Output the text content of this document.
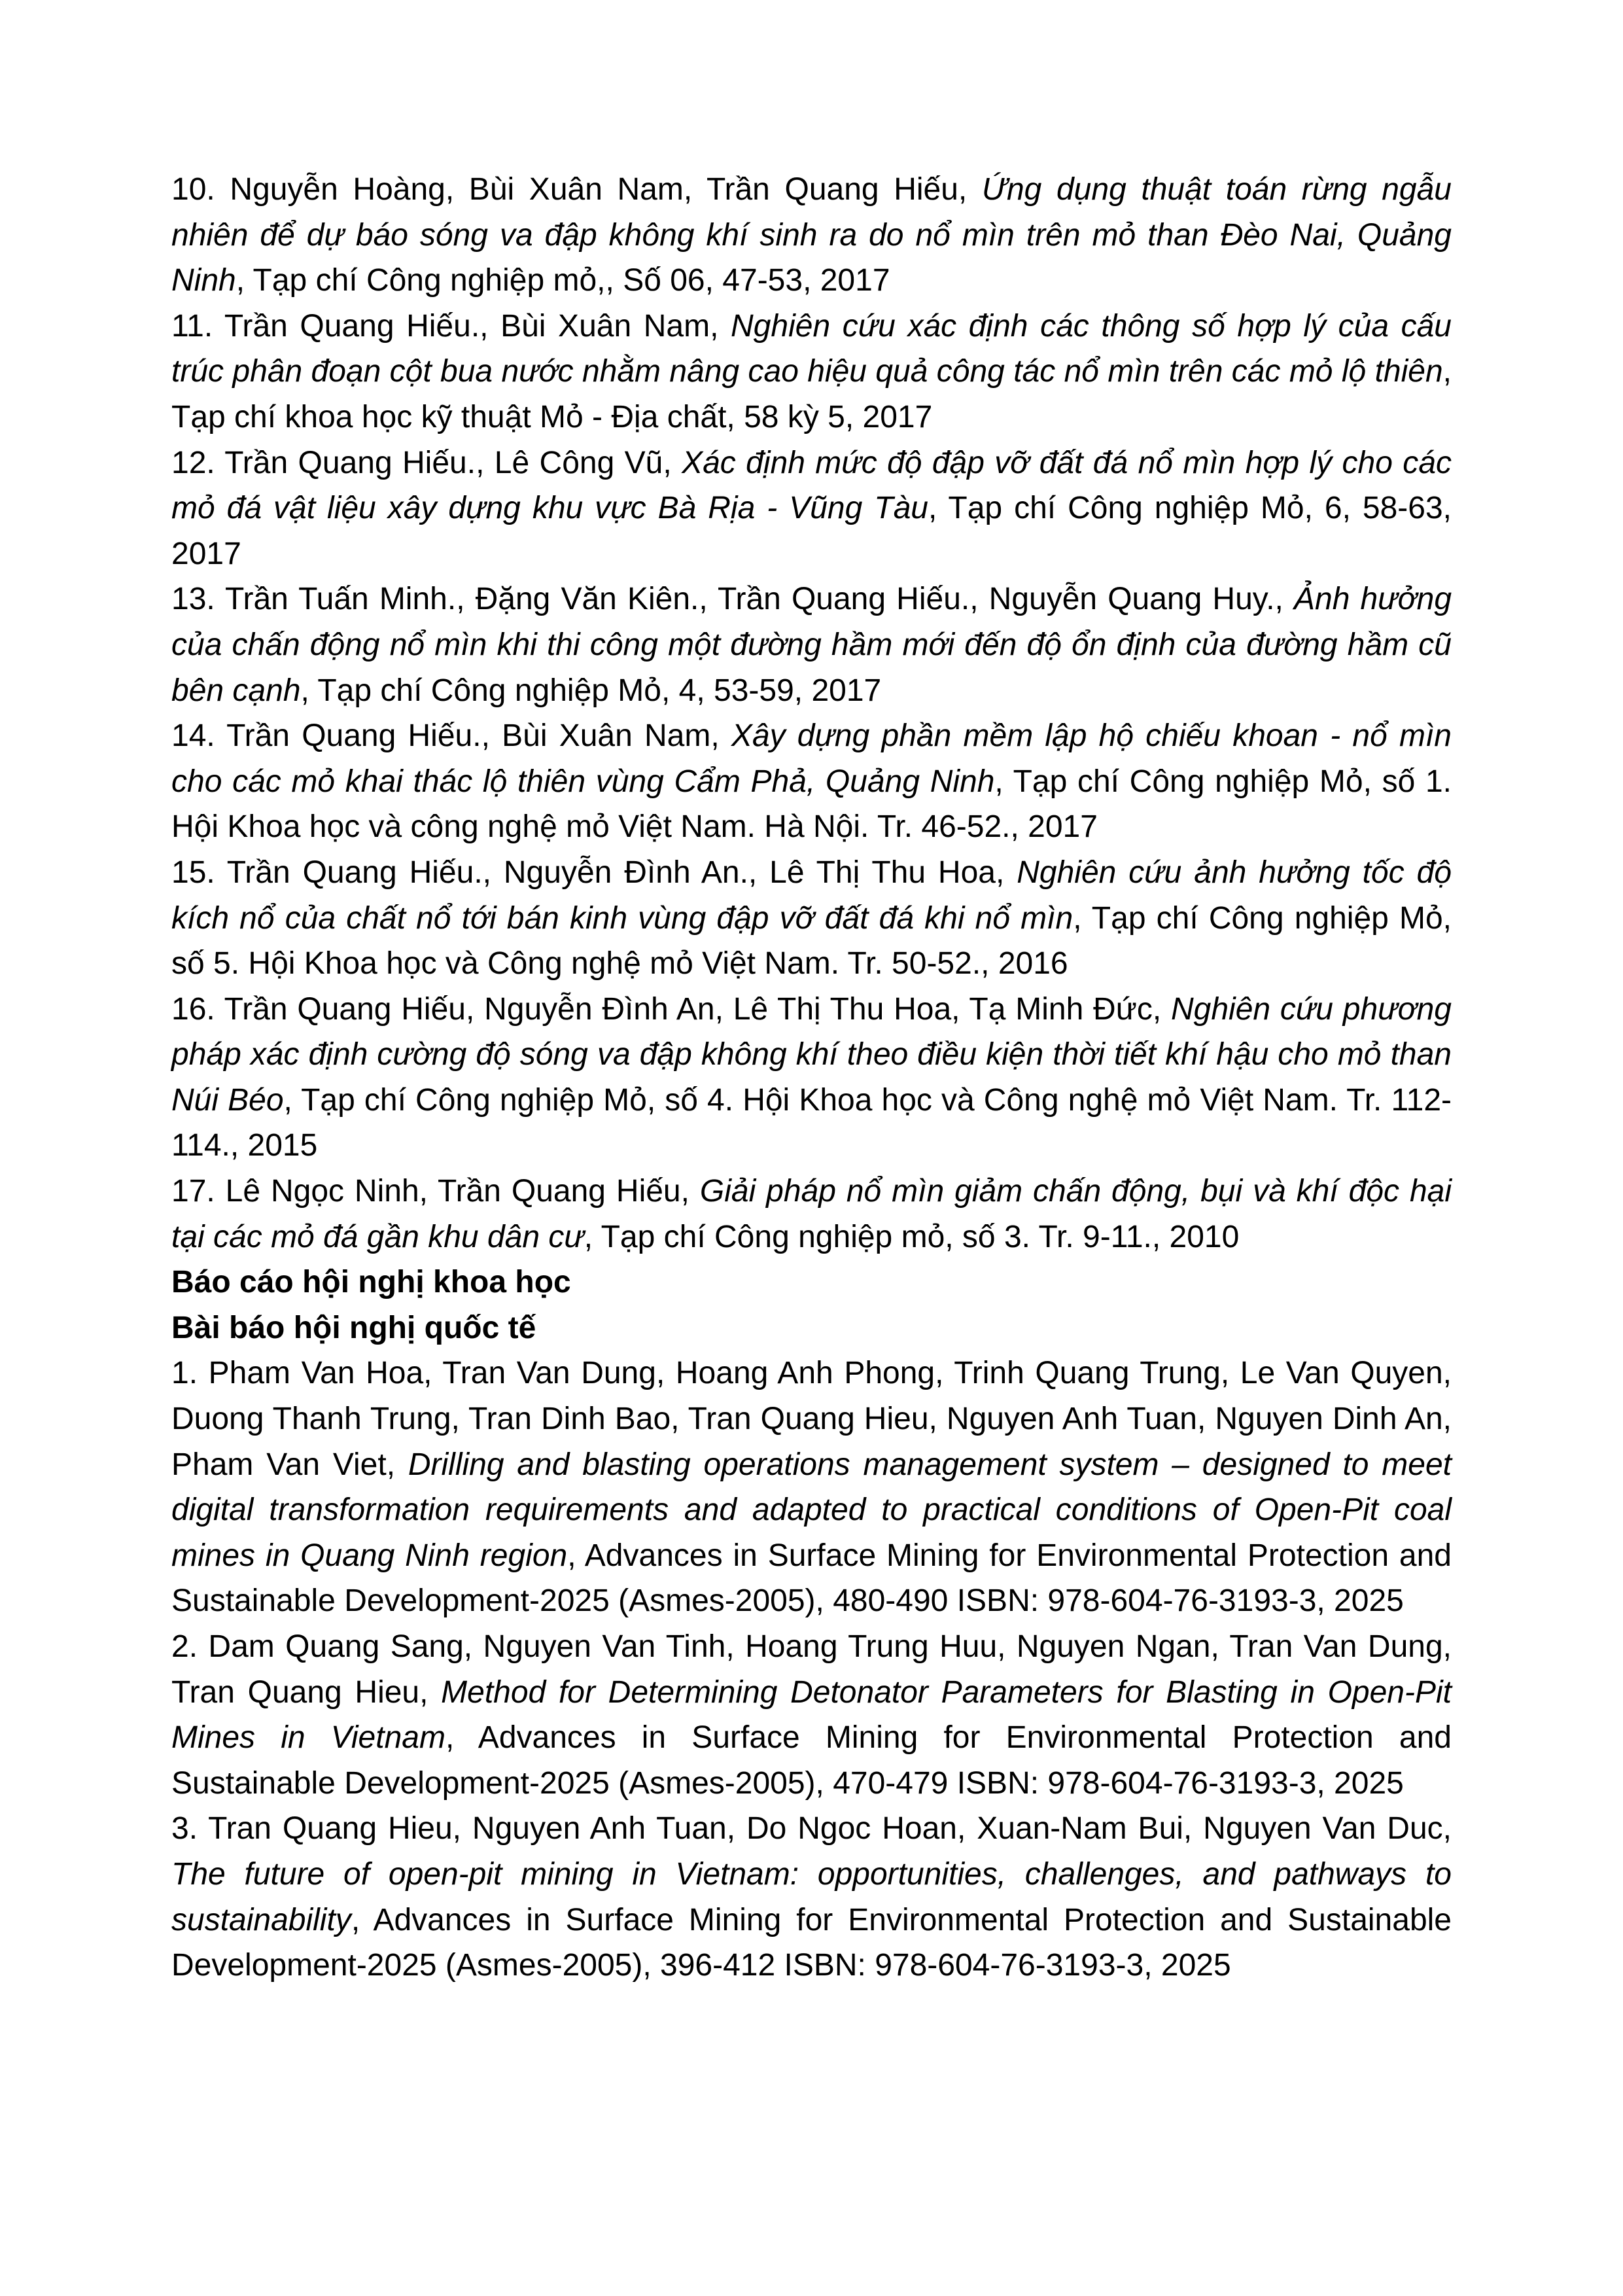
10. Nguyễn Hoàng, Bùi Xuân Nam, Trần Quang Hiếu, Ứng dụng thuật toán rừng ngẫu nhiên để dự báo sóng va đập không khí sinh ra do nổ mìn trên mỏ than Đèo Nai, Quảng Ninh, Tạp chí Công nghiệp mỏ,, Số 06, 47-53, 2017

11. Trần Quang Hiếu., Bùi Xuân Nam, Nghiên cứu xác định các thông số hợp lý của cấu trúc phân đoạn cột bua nước nhằm nâng cao hiệu quả công tác nổ mìn trên các mỏ lộ thiên, Tạp chí khoa học kỹ thuật Mỏ - Địa chất, 58 kỳ 5, 2017

12. Trần Quang Hiếu., Lê Công Vũ, Xác định mức độ đập vỡ đất đá nổ mìn hợp lý cho các mỏ đá vật liệu xây dựng khu vực Bà Rịa - Vũng Tàu, Tạp chí Công nghiệp Mỏ, 6, 58-63, 2017

13. Trần Tuấn Minh., Đặng Văn Kiên., Trần Quang Hiếu., Nguyễn Quang Huy., Ảnh hưởng của chấn động nổ mìn khi thi công một đường hầm mới đến độ ổn định của đường hầm cũ bên cạnh, Tạp chí Công nghiệp Mỏ, 4, 53-59, 2017

14. Trần Quang Hiếu., Bùi Xuân Nam, Xây dựng phần mềm lập hộ chiếu khoan - nổ mìn cho các mỏ khai thác lộ thiên vùng Cẩm Phả, Quảng Ninh, Tạp chí Công nghiệp Mỏ, số 1. Hội Khoa học và công nghệ mỏ Việt Nam. Hà Nội. Tr. 46-52., 2017

15. Trần Quang Hiếu., Nguyễn Đình An., Lê Thị Thu Hoa, Nghiên cứu ảnh hưởng tốc độ kích nổ của chất nổ tới bán kinh vùng đập vỡ đất đá khi nổ mìn, Tạp chí Công nghiệp Mỏ, số 5. Hội Khoa học và Công nghệ mỏ Việt Nam. Tr. 50-52., 2016

16. Trần Quang Hiếu, Nguyễn Đình An, Lê Thị Thu Hoa, Tạ Minh Đức, Nghiên cứu phương pháp xác định cường độ sóng va đập không khí theo điều kiện thời tiết khí hậu cho mỏ than Núi Béo, Tạp chí Công nghiệp Mỏ, số 4. Hội Khoa học và Công nghệ mỏ Việt Nam. Tr. 112-114., 2015

17. Lê Ngọc Ninh, Trần Quang Hiếu, Giải pháp nổ mìn giảm chấn động, bụi và khí độc hại tại các mỏ đá gần khu dân cư, Tạp chí Công nghiệp mỏ, số 3. Tr. 9-11., 2010

Báo cáo hội nghị khoa học

Bài báo hội nghị quốc tế

1. Pham Van Hoa, Tran Van Dung, Hoang Anh Phong, Trinh Quang Trung, Le Van Quyen, Duong Thanh Trung, Tran Dinh Bao, Tran Quang Hieu, Nguyen Anh Tuan, Nguyen Dinh An, Pham Van Viet, Drilling and blasting operations management system – designed to meet digital transformation requirements and adapted to practical conditions of Open-Pit coal mines in Quang Ninh region, Advances in Surface Mining for Environmental Protection and Sustainable Development-2025 (Asmes-2005), 480-490 ISBN: 978-604-76-3193-3, 2025

2. Dam Quang Sang, Nguyen Van Tinh, Hoang Trung Huu, Nguyen Ngan, Tran Van Dung, Tran Quang Hieu, Method for Determining Detonator Parameters for Blasting in Open-Pit Mines in Vietnam, Advances in Surface Mining for Environmental Protection and Sustainable Development-2025 (Asmes-2005), 470-479 ISBN: 978-604-76-3193-3, 2025

3. Tran Quang Hieu, Nguyen Anh Tuan, Do Ngoc Hoan, Xuan-Nam Bui, Nguyen Van Duc, The future of open-pit mining in Vietnam: opportunities, challenges, and pathways to sustainability, Advances in Surface Mining for Environmental Protection and Sustainable Development-2025 (Asmes-2005), 396-412 ISBN: 978-604-76-3193-3, 2025
